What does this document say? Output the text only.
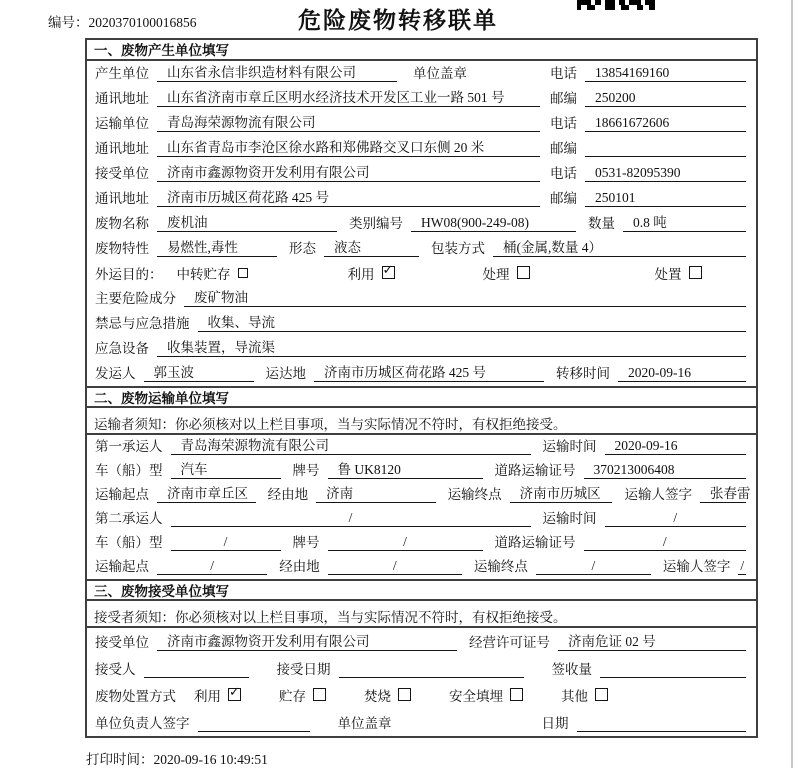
编号：2020370100016856	危险废物转移联单
一、废物产生单位填写
产生单位	山东省永信非织造材料有限公司	单位盖章	电话	13854169160
通讯地址	山东省济南市章丘区明水经济技术开发区工业一路 501 号	邮编	250200
运输单位	青岛海荣源物流有限公司	电话	18661672606
通讯地址	山东省青岛市李沧区徐水路和郑佛路交叉口东侧 20 米	邮编
接受单位	济南市鑫源物资开发利用有限公司	电话	0531-82095390
通讯地址	济南市历城区荷花路 425 号	邮编	250101
废物名称	废机油	类别编号	HW08(900-249-08)	数量	0.8 吨
废物特性	易燃性,毒性	形态	液态	包装方式	桶(金属,数量 4）
外运目的： 中转贮存	利用 ✓	处理	处置
主要危险成分	废矿物油
禁忌与应急措施	收集、导流
应急设备	收集装置，导流渠
发运人	郭玉波	运达地	济南市历城区荷花路 425 号	转移时间	2020-09-16
二、废物运输单位填写
运输者须知：你必须核对以上栏目事项，当与实际情况不符时，有权拒绝接受。
第一承运人	青岛海荣源物流有限公司	运输时间	2020-09-16
车（船）型	汽车	牌号	鲁 UK8120	道路运输证号	370213006408
运输起点	济南市章丘区	经由地	济南	运输终点	济南市历城区	运输人签字	张春雷
第二承运人	/	运输时间	/
车（船）型	/	牌号	/	道路运输证号	/
运输起点	/	经由地	/	运输终点	/	运输人签字 /
三、废物接受单位填写
接受者须知：你必须核对以上栏目事项，当与实际情况不符时，有权拒绝接受。
接受单位	济南市鑫源物资开发利用有限公司	经营许可证号	济南危证 02 号
接受人	接受日期	签收量
废物处置方式 利用 ✓	贮存	焚烧	安全填埋	其他
单位负责人签字	单位盖章	日期
打印时间：2020-09-16 10:49:51
